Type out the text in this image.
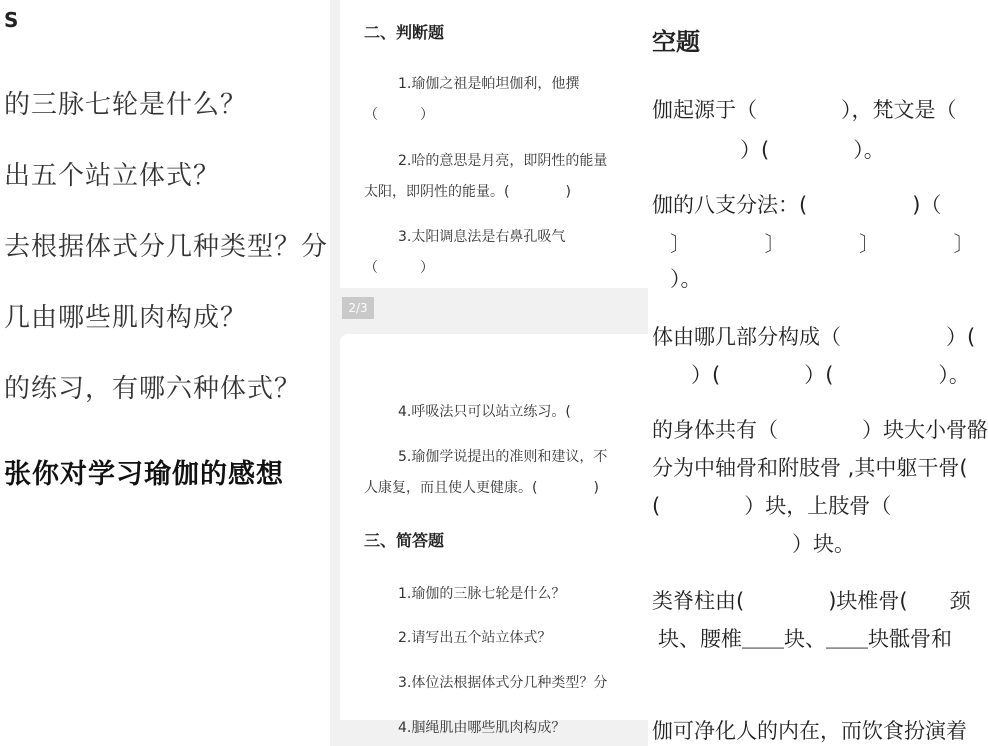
S
的三脉七轮是什么？
出五个站立体式？
去根据体式分几种类型？分
几由哪些肌肉构成？
的练习，有哪六种体式？
张你对学习瑜伽的感想
二、判断题
1.瑜伽之祖是帕坦伽利，他撰
（　　　）
2.哈的意思是月亮，即阴性的能量
太阳，即阴性的能量。(　　　　)
3.太阳调息法是右鼻孔吸气
（　　　）
2/3
4.呼吸法只可以站立练习。(
5.瑜伽学说提出的准则和建议，不
人康复，而且使人更健康。(　　　　)
三、简答题
1.瑜伽的三脉七轮是什么？
2.请写出五个站立体式？
3.体位法根据体式分几种类型？分
4.腘绳肌由哪些肌肉构成？
空题
伽起源于（　　　　），梵文是（
　　）(　　　　）。
伽的八支分法：(　　　　　)（
〕　　　　〕　　　　〕　　　　〕
）。
体由哪几部分构成（　　　　　）(
　）(　　　　）(　　　　　）。
的身体共有（　　　　）块大小骨骼
分为中轴骨和附肢骨 ,其中躯干骨(
(　　　　）块，上肢骨（
　　　　）块。
类脊柱由(　　　　)块椎骨(　　颈
块、腰椎＿＿块、＿＿块骶骨和
伽可净化人的内在，而饮食扮演着
